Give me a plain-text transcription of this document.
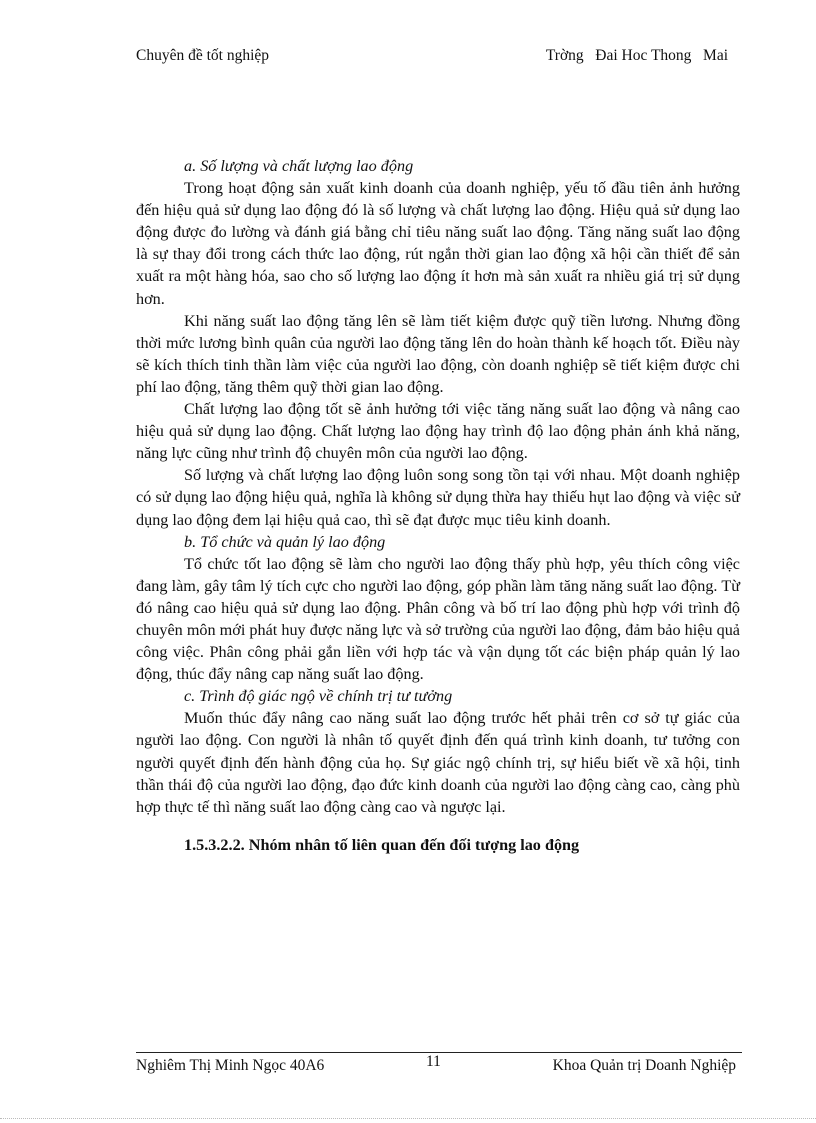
Chuyên đề tốt nghiệp	Trờng   Đai Hoc Thong   Mai

a. Số lượng và chất lượng lao động

Trong hoạt động sản xuất kinh doanh của doanh nghiệp, yếu tố đầu tiên ảnh hưởng đến hiệu quả sử dụng lao động đó là số lượng và chất lượng lao động. Hiệu quả sử dụng lao động được đo lường và đánh giá bằng chỉ tiêu năng suất lao động. Tăng năng suất lao động là sự thay đổi trong cách thức lao động, rút ngắn thời gian lao động xã hội cần thiết để sản xuất ra một hàng hóa, sao cho số lượng lao động ít hơn mà sản xuất ra nhiều giá trị sử dụng hơn.

Khi năng suất lao động tăng lên sẽ làm tiết kiệm được quỹ tiền lương. Nhưng đồng thời mức lương bình quân của người lao động tăng lên do hoàn thành kế hoạch tốt. Điều này sẽ kích thích tinh thần làm việc của người lao động, còn doanh nghiệp sẽ tiết kiệm được chi phí lao động, tăng thêm quỹ thời gian lao động.

Chất lượng lao động tốt sẽ ảnh hưởng tới việc tăng năng suất lao động và nâng cao hiệu quả sử dụng lao động. Chất lượng lao động hay trình độ lao động phản ánh khả năng, năng lực cũng như trình độ chuyên môn của người lao động.

Số lượng và chất lượng lao động luôn song song tồn tại với nhau. Một doanh nghiệp có sử dụng lao động hiệu quả, nghĩa là không sử dụng thừa hay thiếu hụt lao động và việc sử dụng lao động đem lại hiệu quả cao, thì sẽ đạt được mục tiêu kinh doanh.

b. Tổ chức và quản lý lao động

Tổ chức tốt lao động sẽ làm cho người lao động thấy phù hợp, yêu thích công việc đang làm, gây tâm lý tích cực cho người lao động, góp phần làm tăng năng suất lao động. Từ đó nâng cao hiệu quả sử dụng lao động. Phân công và bố trí lao động phù hợp với trình độ chuyên môn mới phát huy được năng lực và sở trường của người lao động, đảm bảo hiệu quả công việc. Phân công phải gắn liền với hợp tác và vận dụng tốt các biện pháp quản lý lao động, thúc đẩy nâng cap năng suất lao động.

c. Trình độ giác ngộ về chính trị tư tưởng

Muốn thúc đẩy nâng cao năng suất lao động trước hết phải trên cơ sở tự giác của người lao động. Con người là nhân tố quyết định đến quá trình kinh doanh, tư tưởng con người quyết định đến hành động của họ. Sự giác ngộ chính trị, sự hiểu biết về xã hội, tinh thần thái độ của người lao động, đạo đức kinh doanh của người lao động càng cao, càng phù hợp thực tế thì năng suất lao động càng cao và ngược lại.

1.5.3.2.2. Nhóm nhân tố liên quan đến đối tượng lao động

Nghiêm Thị Minh Ngọc 40A6	11	Khoa Quản trị Doanh Nghiệp
